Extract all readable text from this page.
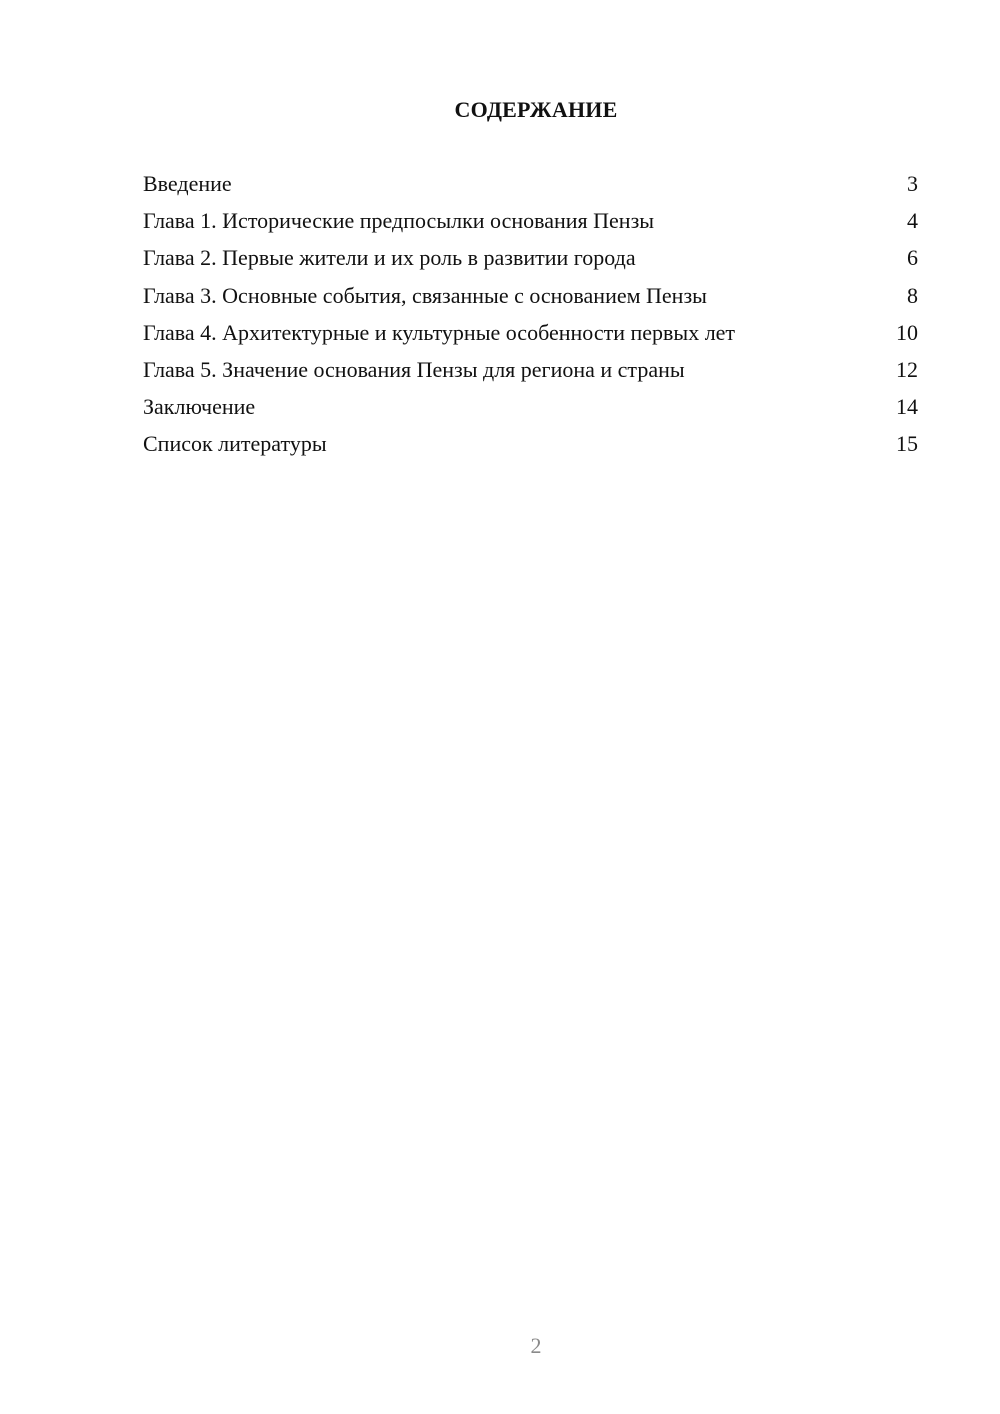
СОДЕРЖАНИЕ
Введение	3
Глава 1. Исторические предпосылки основания Пензы	4
Глава 2. Первые жители и их роль в развитии города	6
Глава 3. Основные события, связанные с основанием Пензы	8
Глава 4. Архитектурные и культурные особенности первых лет	10
Глава 5. Значение основания Пензы для региона и страны	12
Заключение	14
Список литературы	15
2
